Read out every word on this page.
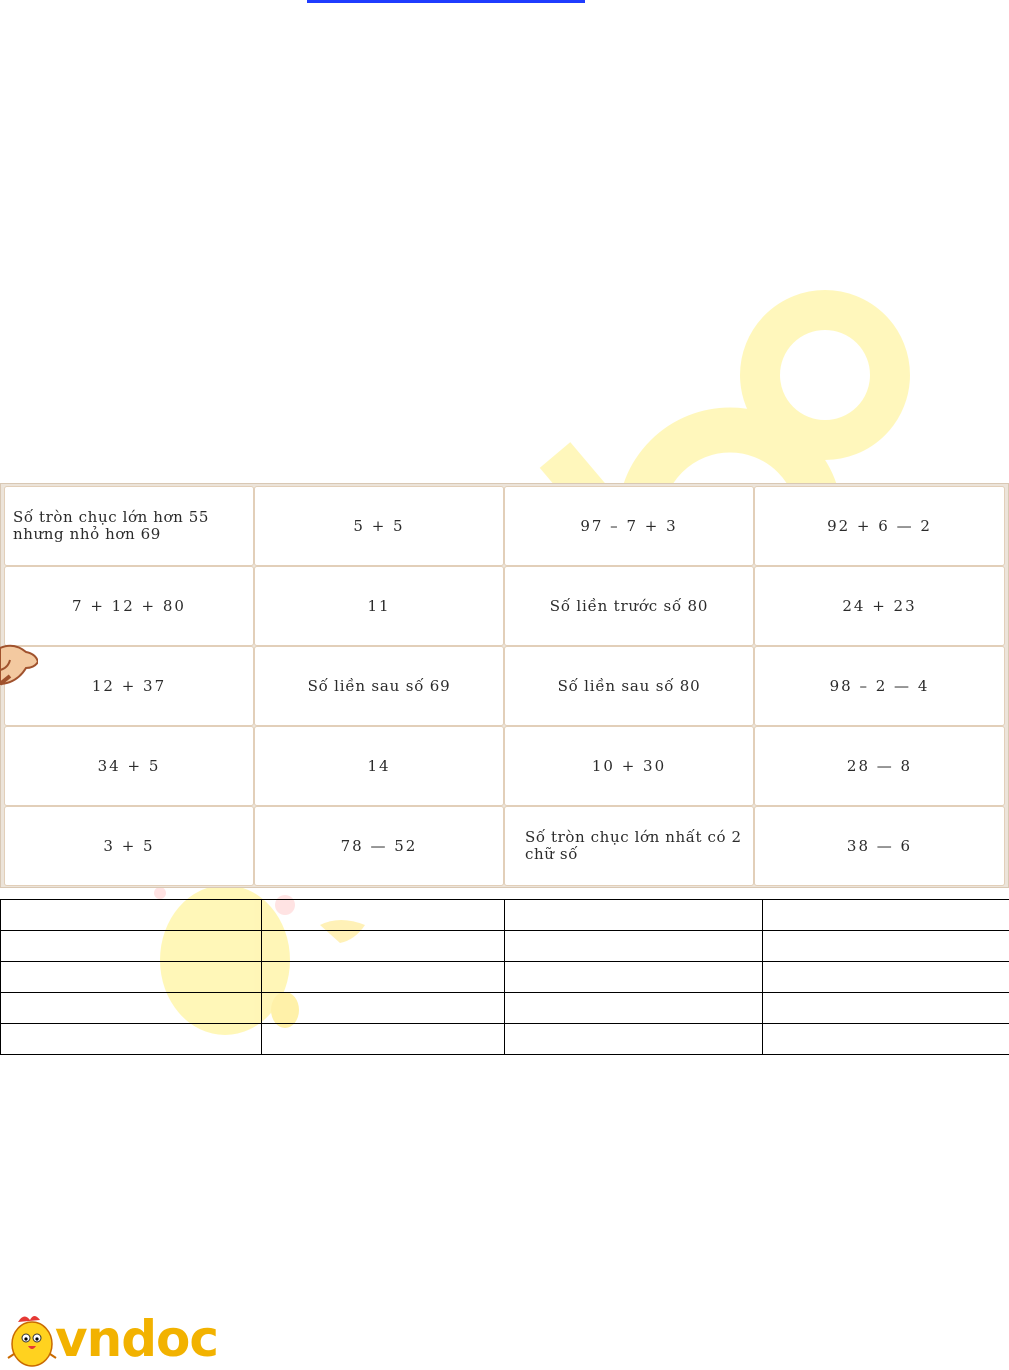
Số tròn chục lớn hơn 55 nhưng nhỏ hơn 69	5 + 5	97 – 7 + 3	92 + 6 — 2
7 + 12 + 80	11	Số liền trước số 80	24 + 23
12 + 37	Số liền sau số 69	Số liền sau số 80	98 – 2 — 4
34 + 5	14	10 + 30	28 — 8
3 + 5	78 — 52	Số tròn chục lớn nhất có 2 chữ số	38 — 6

vndoc
